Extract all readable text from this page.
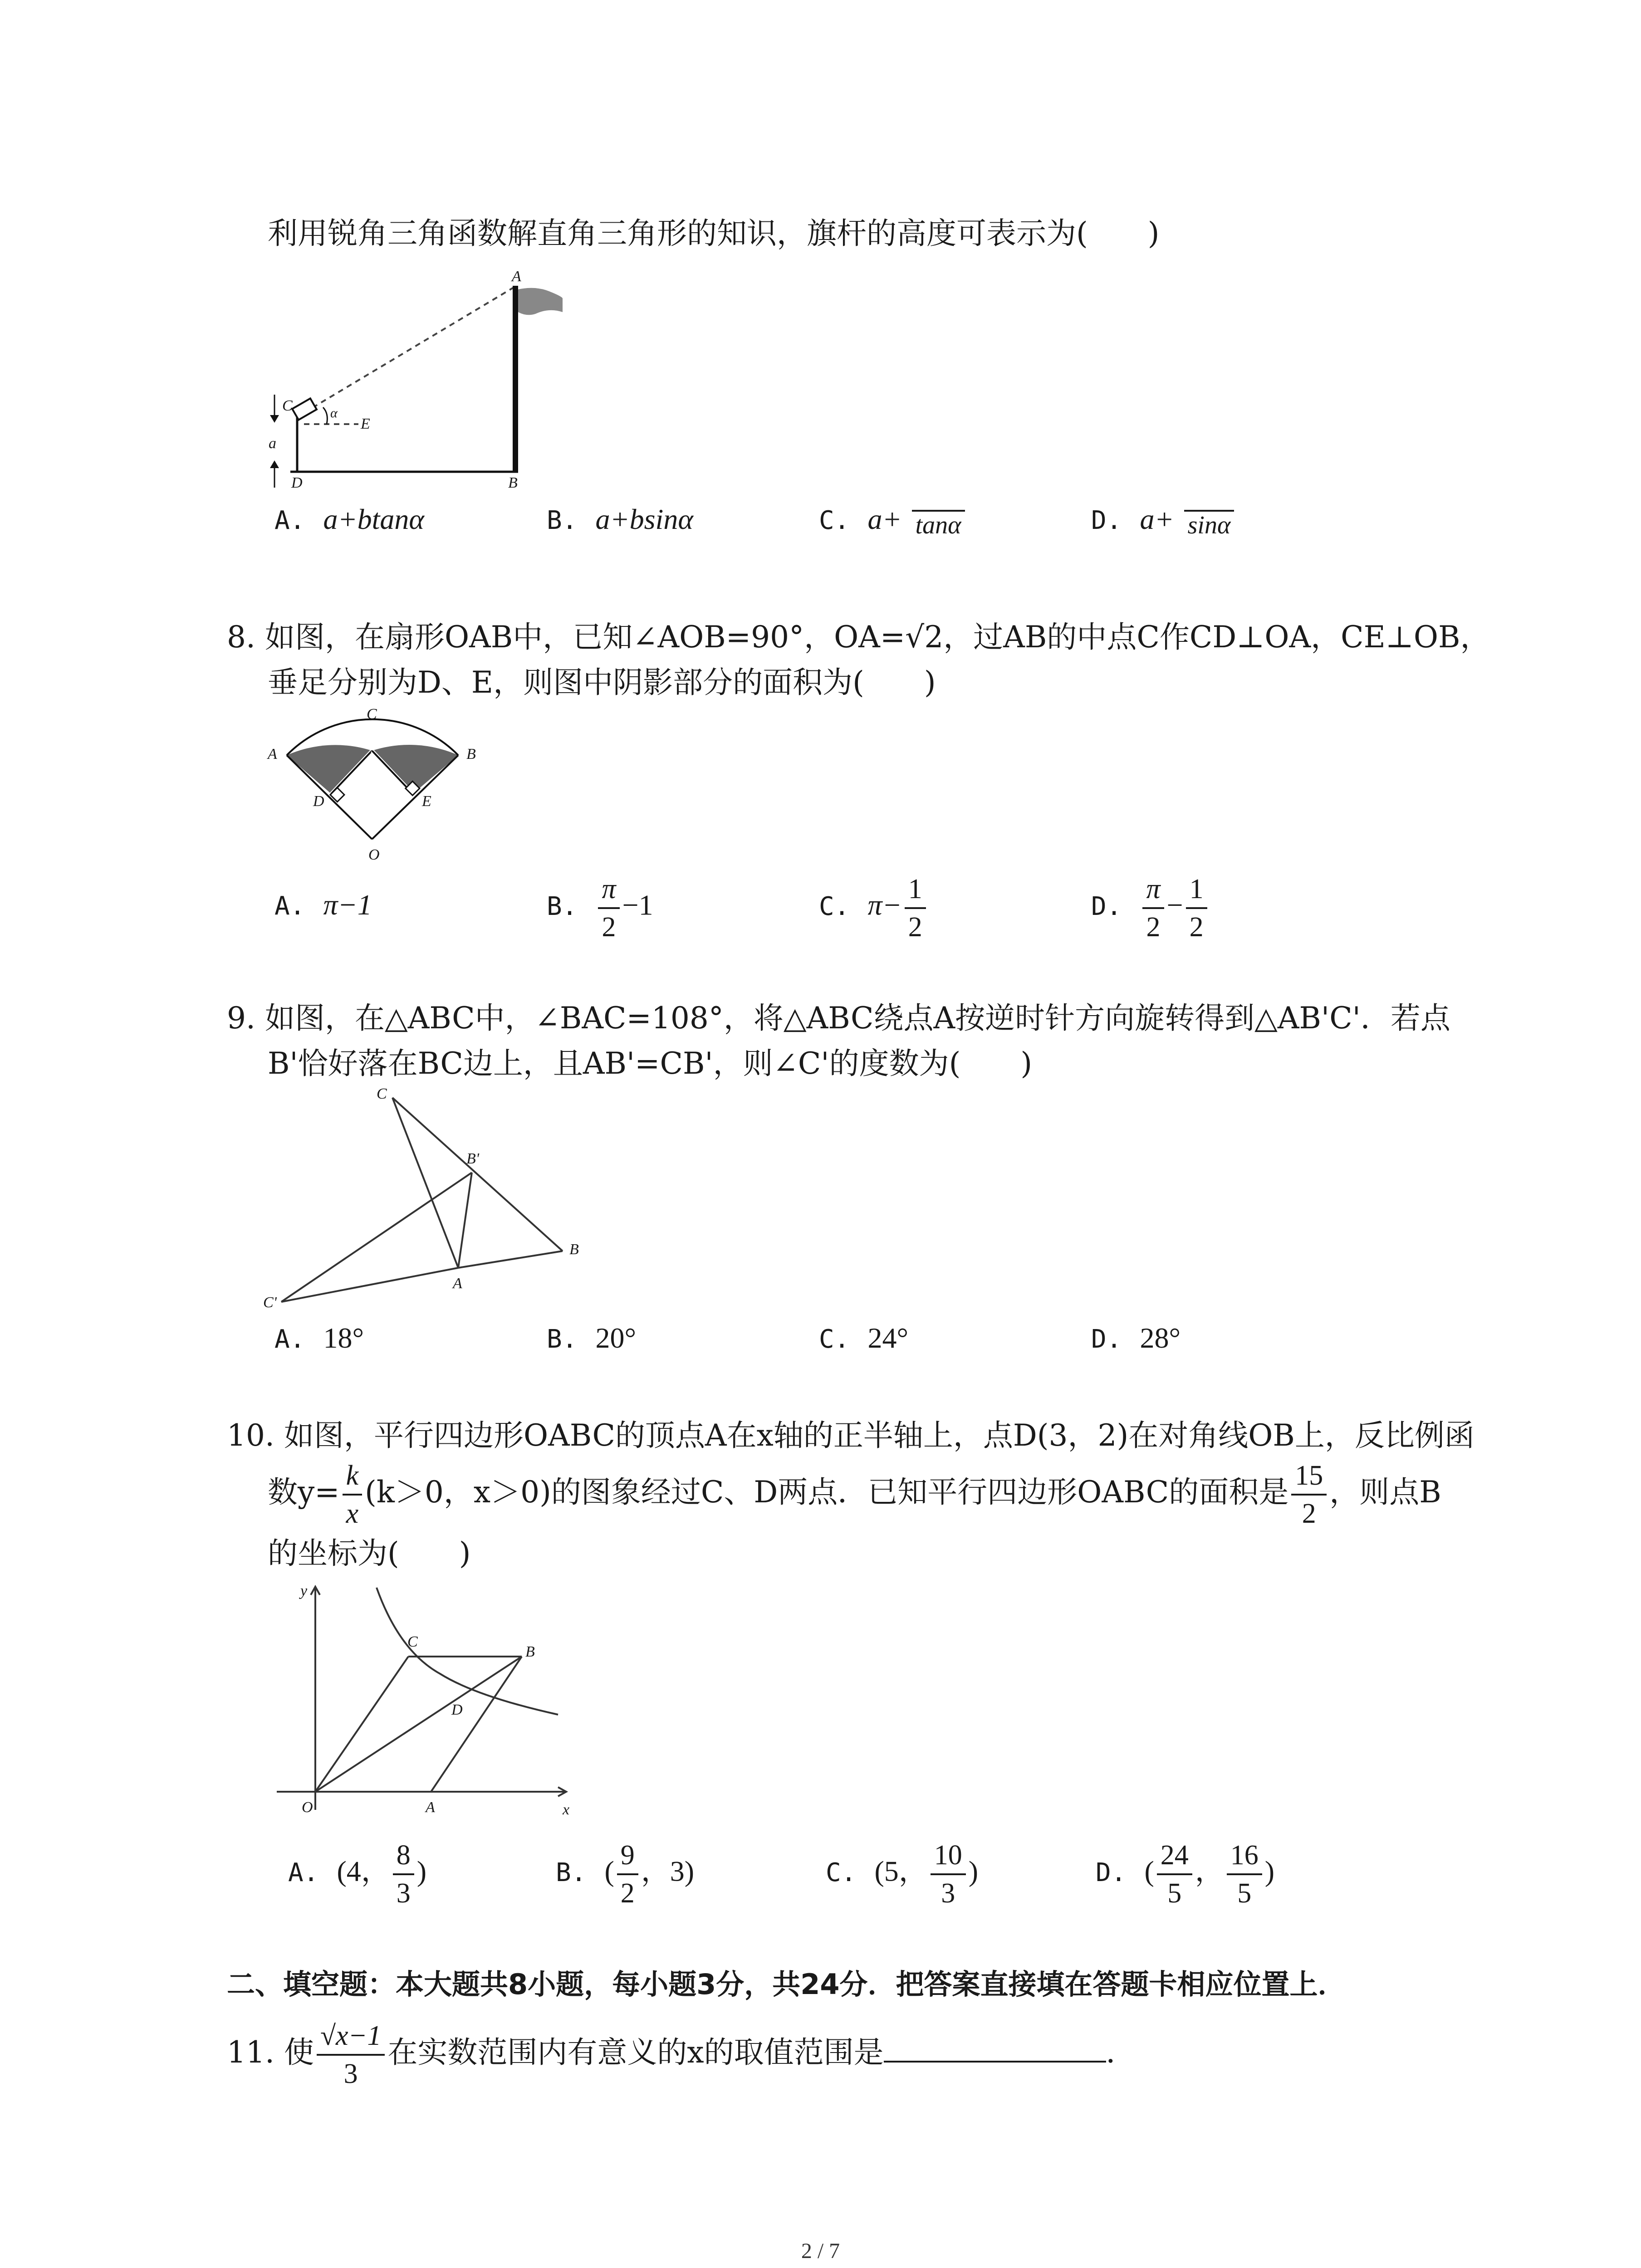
利用锐角三角函数解直角三角形的知识，旗杆的高度可表示为(　　)
A
B
C
D
E
a
α
A. a+btanα	B. a+bsinα	C. a+ tanα	D. a+ sinα
8. 如图，在扇形OAB中，已知∠AOB=90°，OA=√2，过AB的中点C作CD⊥OA，CE⊥OB，
垂足分别为D、E，则图中阴影部分的面积为(　　)
A	B
C
D	E
O
A. π−1	B. $\frac{\pi}{2} -1$	C. $\pi- \frac{1}{2}$	D. $\frac{\pi}{2} - \frac{1}{2}$
9. 如图，在△ABC中，∠BAC=108°，将△ABC绕点A按逆时针方向旋转得到△AB'C'．若点
B'恰好落在BC边上，且AB'=CB'，则∠C'的度数为(　　)
C
B'
B
A
C'
A. 18°	B. 20°	C. 24°	D. 28°
10. 如图，平行四边形OABC的顶点A在x轴的正半轴上，点D(3，2)在对角线OB上，反比例函
数$y= \frac{k}{x} (k>0$，x＞0)的图象经过C、D两点．已知平行四边形OABC的面积是 $\frac{15}{2}$ ，则点B
的坐标为(　　)
y
x
O	A
B
C
D
A. (4， $\frac{8}{3}$ )	B. ( $\frac{9}{2}$ ，3)	C. (5， $\frac{10}{3}$ )	D. ( $\frac{24}{5}$ ， $\frac{16}{5}$ )
二、填空题：本大题共8小题，每小题3分，共24分．把答案直接填在答题卡相应位置上．
11. 使 $\frac{√x-1}{3}$ 在实数范围内有意义的x的取值范围是	．
2 / 7
